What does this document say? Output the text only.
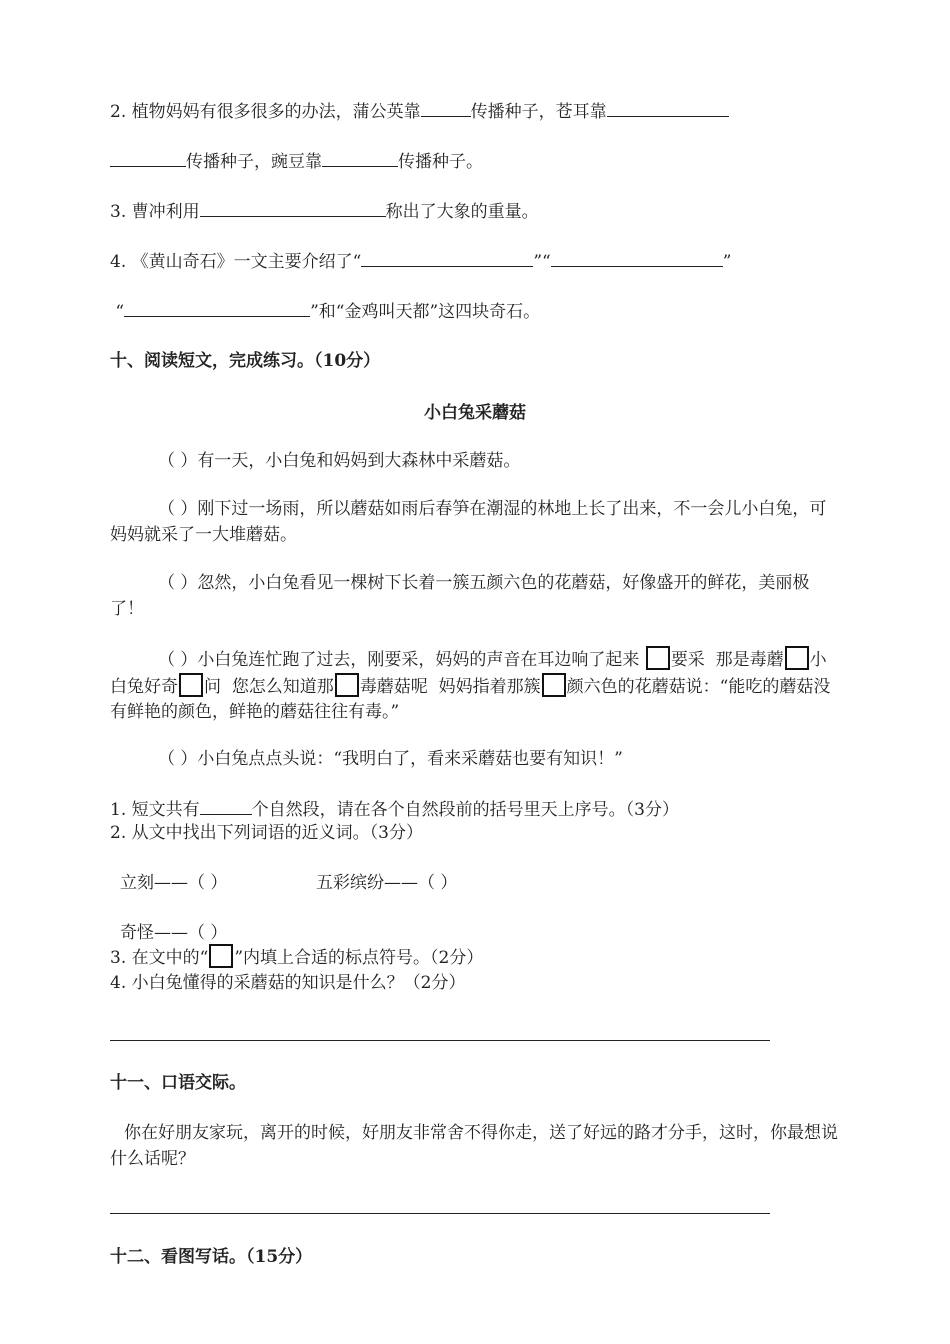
2. 植物妈妈有很多很多的办法，蒲公英靠	传播种子，苍耳靠
传播种子，豌豆靠	传播种子。
3. 曹冲利用	称出了大象的重量。
4. 《黄山奇石》一文主要介绍了“	”“	”
“	”和“金鸡叫天都”这四块奇石。
十、阅读短文，完成练习。（10分）
小白兔采蘑菇
（ ）有一天，小白兔和妈妈到大森林中采蘑菇。
（ ）刚下过一场雨，所以蘑菇如雨后春笋在潮湿的林地上长了出来，不一会儿小白兔，可妈妈就采了一大堆蘑菇。
（ ）忽然，小白兔看见一棵树下长着一簇五颜六色的花蘑菇，好像盛开的鲜花，美丽极了！
（ ）小白兔连忙跑了过去，刚要采，妈妈的声音在耳边响了起来 要采 那是毒蘑 小白兔好奇 问 您怎么知道那 毒蘑菇呢 妈妈指着那簇 颜六色的花蘑菇说：“能吃的蘑菇没有鲜艳的颜色，鲜艳的蘑菇往往有毒。”
（ ）小白兔点点头说：“我明白了，看来采蘑菇也要有知识！”
1. 短文共有	个自然段，请在各个自然段前的括号里天上序号。（3分）
2. 从文中找出下列词语的近义词。（3分）
立刻——（ ）	五彩缤纷——（ ）
奇怪——（ ）
3. 在文中的“ ”内填上合适的标点符号。（2分）
4. 小白兔懂得的采蘑菇的知识是什么？（2分）
十一、口语交际。
你在好朋友家玩，离开的时候，好朋友非常舍不得你走，送了好远的路才分手，这时，你最想说什么话呢？
十二、看图写话。（15分）
